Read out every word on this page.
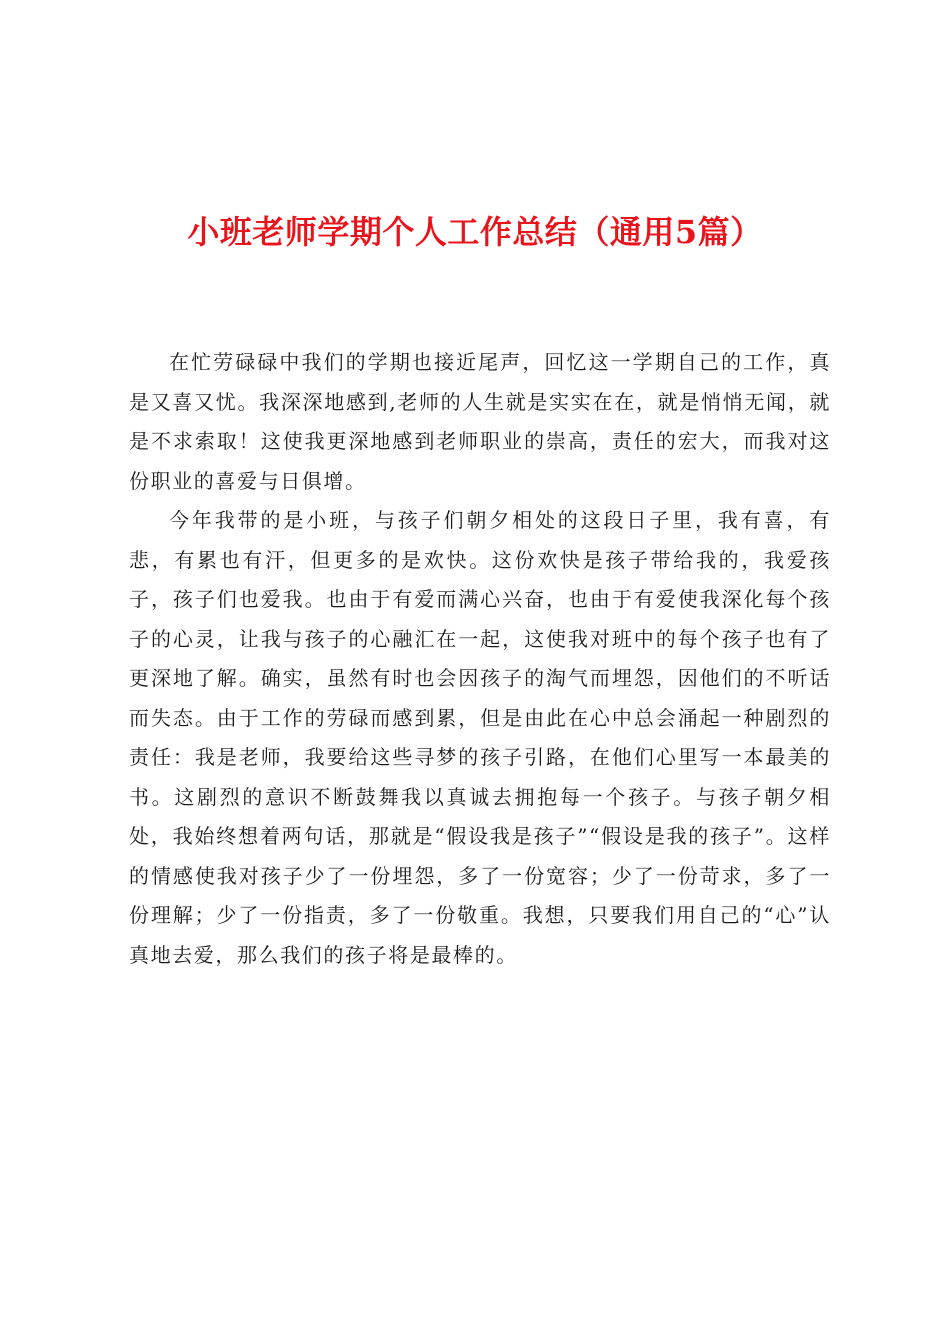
小班老师学期个人工作总结（通用5篇）

在忙劳碌碌中我们的学期也接近尾声，回忆这一学期自己的工作，真是又喜又忧。我深深地感到,老师的人生就是实实在在，就是悄悄无闻，就是不求索取！这使我更深地感到老师职业的崇高，责任的宏大，而我对这份职业的喜爱与日俱增。

今年我带的是小班，与孩子们朝夕相处的这段日子里，我有喜，有悲，有累也有汗，但更多的是欢快。这份欢快是孩子带给我的，我爱孩子，孩子们也爱我。也由于有爱而满心兴奋，也由于有爱使我深化每个孩子的心灵，让我与孩子的心融汇在一起，这使我对班中的每个孩子也有了更深地了解。确实，虽然有时也会因孩子的淘气而埋怨，因他们的不听话而失态。由于工作的劳碌而感到累，但是由此在心中总会涌起一种剧烈的责任：我是老师，我要给这些寻梦的孩子引路，在他们心里写一本最美的书。这剧烈的意识不断鼓舞我以真诚去拥抱每一个孩子。与孩子朝夕相处，我始终想着两句话，那就是“假设我是孩子”“假设是我的孩子”。这样的情感使我对孩子少了一份埋怨，多了一份宽容；少了一份苛求，多了一份理解；少了一份指责，多了一份敬重。我想，只要我们用自己的“心”认真地去爱，那么我们的孩子将是最棒的。
